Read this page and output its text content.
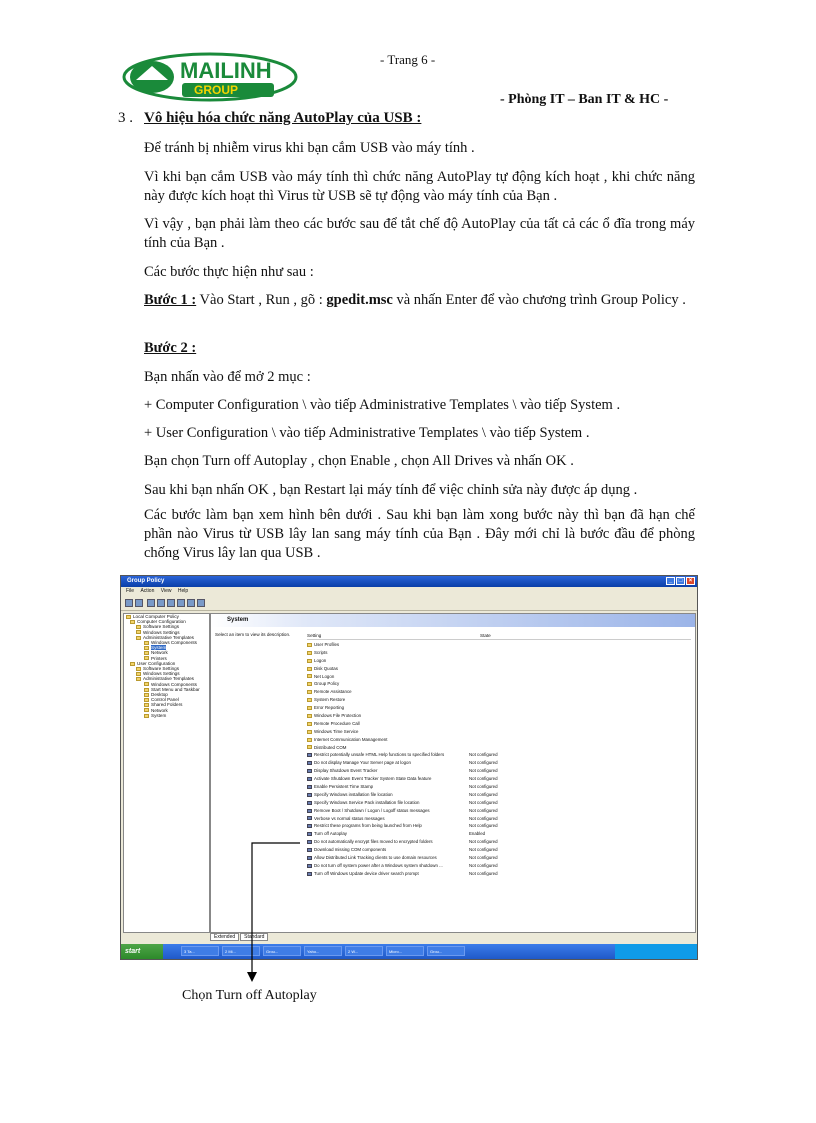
MAILINH
GROUP
- Trang 6 -
- Phòng IT – Ban IT & HC -
3 . Vô hiệu hóa chức năng AutoPlay của USB :
Để tránh bị nhiễm virus khi bạn cắm USB vào máy tính .
Vì khi bạn cắm USB vào máy tính thì chức năng AutoPlay tự động kích hoạt , khi chức năng này được kích hoạt thì Virus từ USB sẽ tự động vào máy tính của Bạn .
Vì vậy , bạn phải làm theo các bước sau để tắt chế độ AutoPlay của tất cả các ổ đĩa trong máy tính của Bạn .
Các bước thực hiện như sau :
Bước 1 : Vào Start , Run , gõ : gpedit.msc và nhấn Enter để vào chương trình Group Policy .
Bước 2 :
Bạn nhấn vào để mở 2 mục :
+ Computer Configuration \ vào tiếp Administrative Templates \ vào tiếp System .
+ User Configuration \ vào tiếp Administrative Templates \ vào tiếp System .
Bạn chọn Turn off Autoplay , chọn Enable , chọn All Drives và nhấn OK .
Sau khi bạn nhấn OK , bạn Restart lại máy tính để việc chỉnh sửa này được áp dụng .
Các bước làm bạn xem hình bên dưới . Sau khi bạn làm xong bước này thì bạn đã hạn chế phần nào Virus từ USB lây lan sang máy tính của Bạn . Đây mới chỉ là bước đầu để phòng chống Virus lây lan qua USB .
Group Policy	_	□	×
File Action View Help
Local Computer Policy
Computer Configuration
Software Settings
Windows Settings
Administrative Templates
Windows Components
System
Network
Printers
User Configuration
Software Settings
Windows Settings
Administrative Templates
Windows Components
Start Menu and Taskbar
Desktop
Control Panel
Shared Folders
Network
System
System
Select an item to view its description.	Setting	State
User Profiles
Scripts
Logon
Disk Quotas
Net Logon
Group Policy
Remote Assistance
System Restore
Error Reporting
Windows File Protection
Remote Procedure Call
Windows Time Service
Internet Communication Management
Distributed COM
Restrict potentially unsafe HTML Help functions to specified folders	Not configured
Do not display Manage Your Server page at logon	Not configured
Display Shutdown Event Tracker	Not configured
Activate Shutdown Event Tracker System State Data feature	Not configured
Enable Persistent Time Stamp	Not configured
Specify Windows installation file location	Not configured
Specify Windows Service Pack installation file location	Not configured
Remove Boot / Shutdown / Logon / Logoff status messages	Not configured
Verbose vs normal status messages	Not configured
Restrict these programs from being launched from Help	Not configured
Turn off Autoplay	Enabled
Do not automatically encrypt files moved to encrypted folders	Not configured
Download missing COM components	Not configured
Allow Distributed Link Tracking clients to use domain resources	Not configured
Do not turn off system power after a Windows system shutdown ...	Not configured
Turn off Windows Update device driver search prompt	Not configured
Extended Standard
start	3 Ta...	2 Mi...	Grou...	Yaho...	2 W...	Micro...	Grou...
Chọn Turn off Autoplay
